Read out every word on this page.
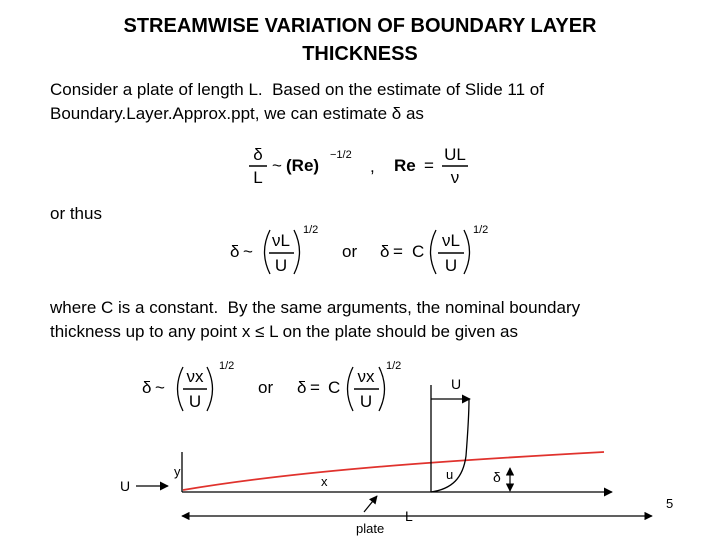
STREAMWISE VARIATION OF BOUNDARY LAYER
THICKNESS
Consider a plate of length L.  Based on the estimate of Slide 11 of
Boundary.Layer.Approx.ppt, we can estimate δ as
or thus
where C is a constant.  By the same arguments, the nominal boundary
thickness up to any point x ≤ L on the plate should be given as
δ
L
~ (Re)
−1/2
, Re =
UL
ν
δ ~
νL
U
1/2
or δ = C
νL
U
1/2
δ ~
νx
U
1/2
or δ = C
νx
U
1/2
U
y
x
L
plate
U
u	δ
5
